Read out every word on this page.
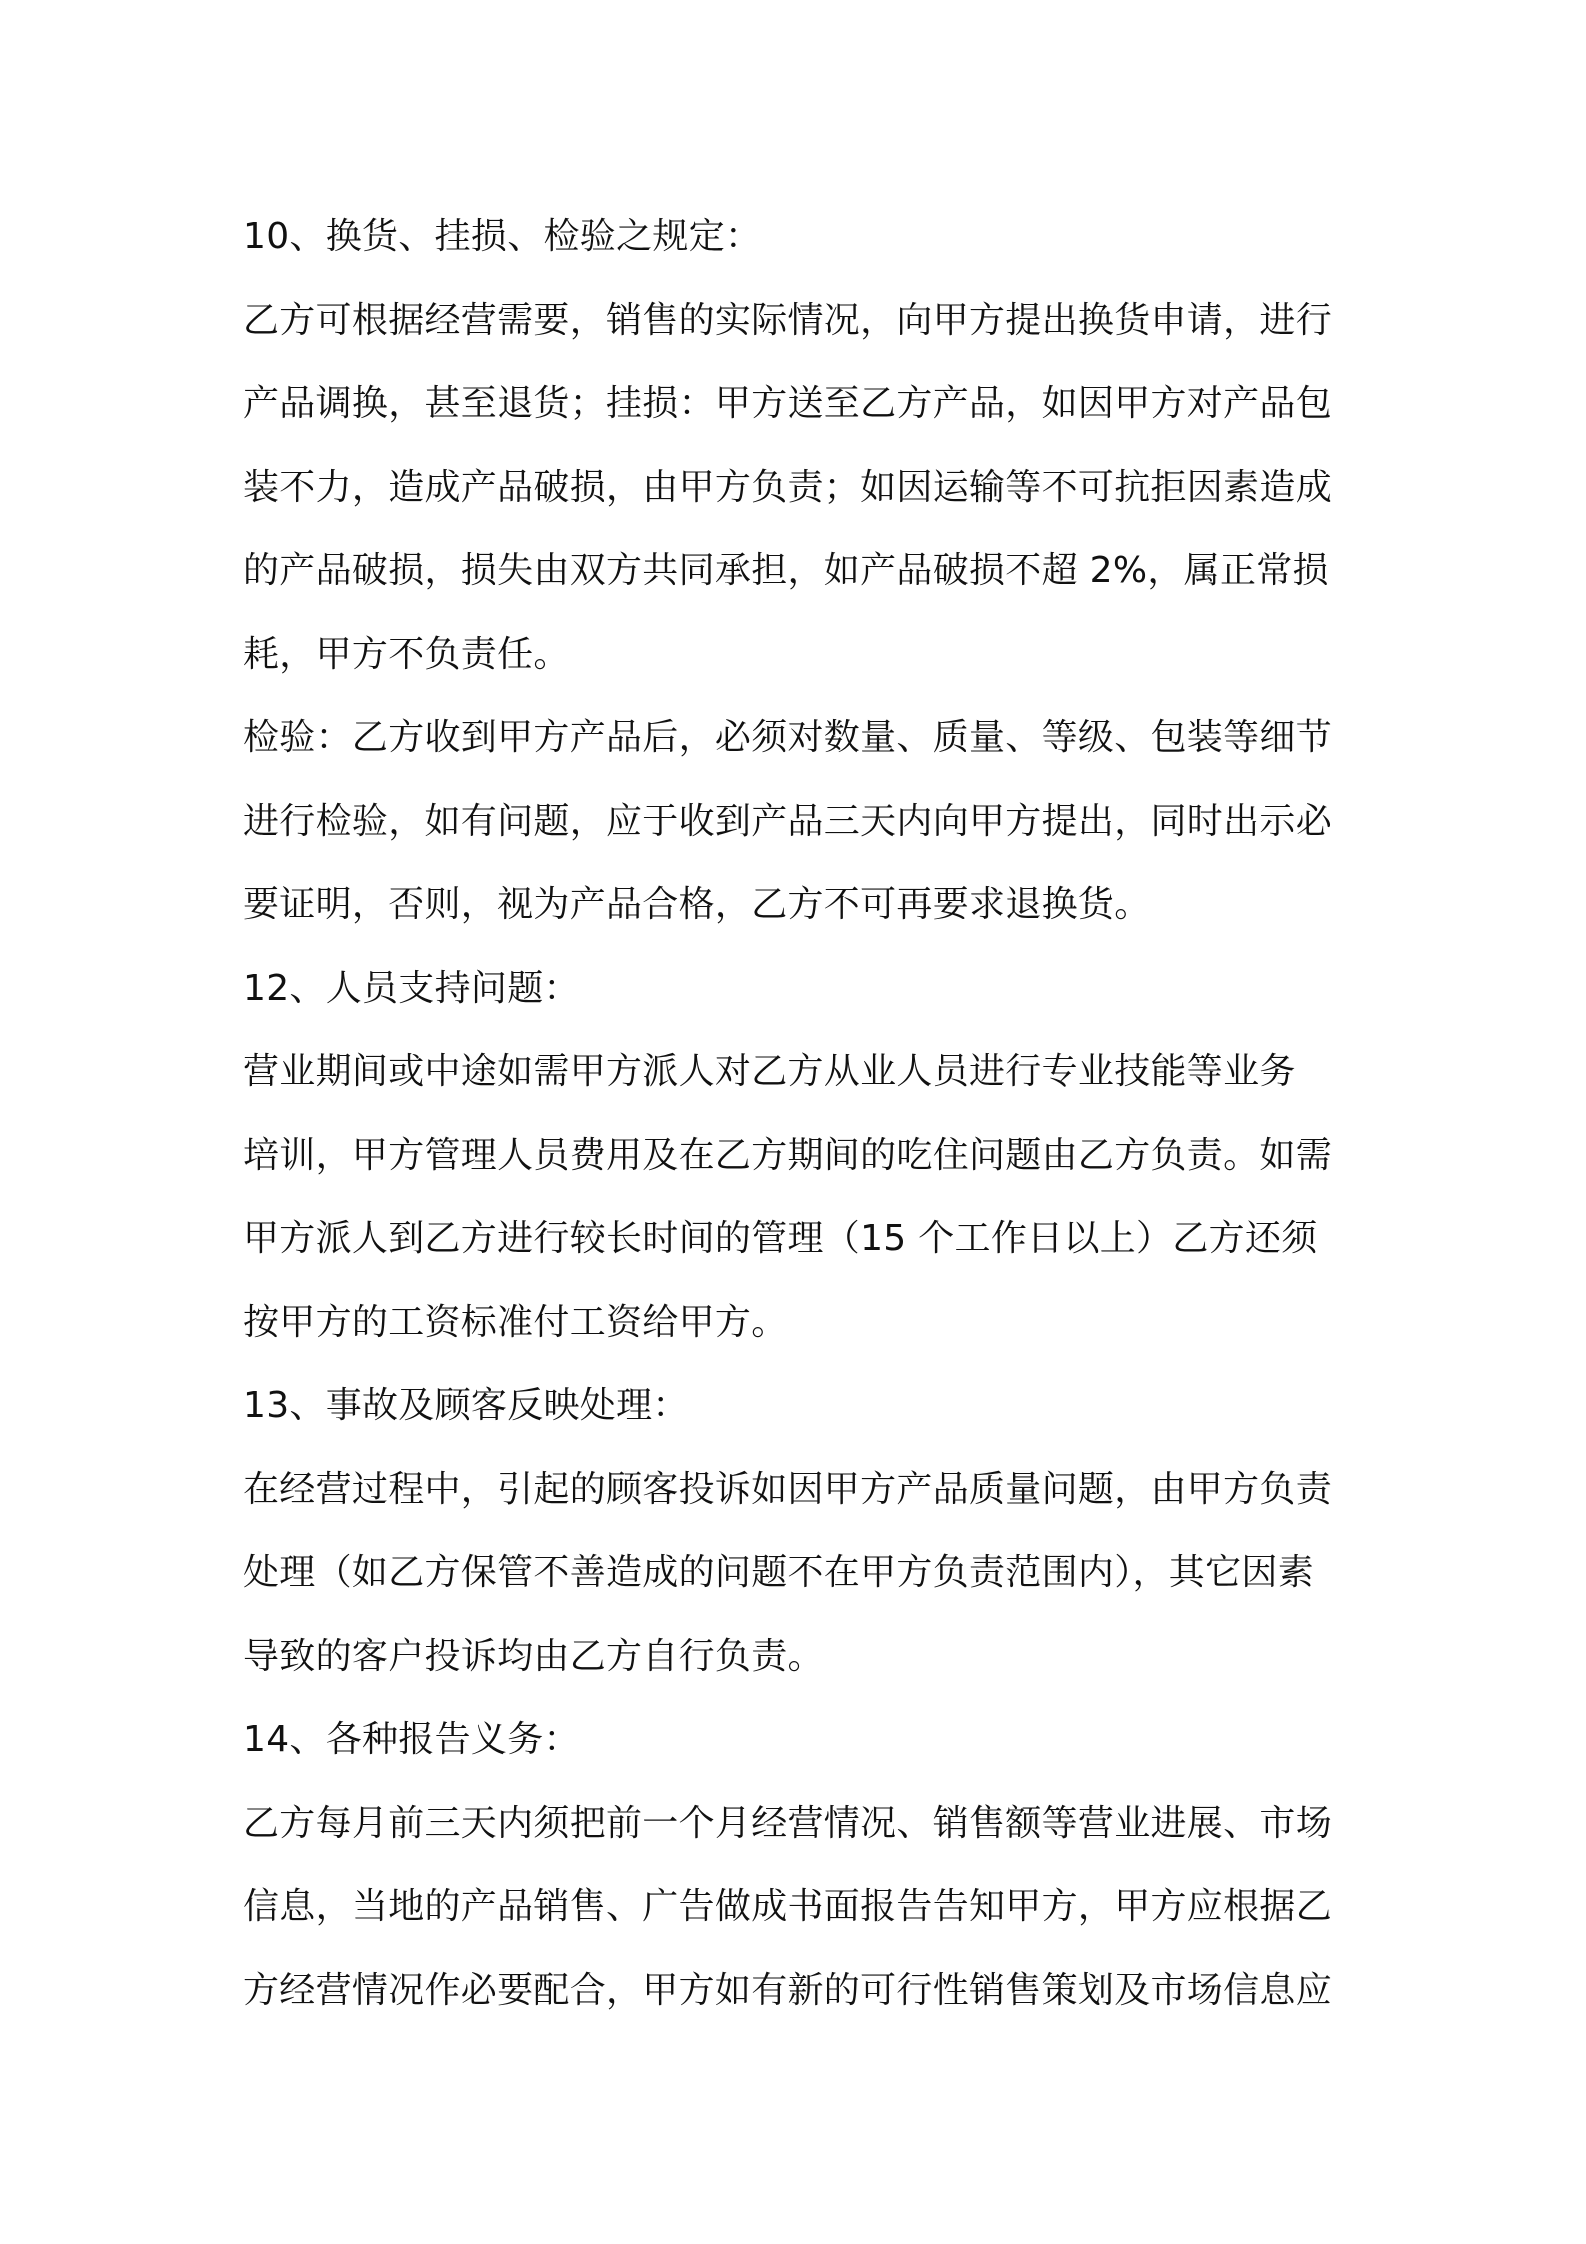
10、换货、挂损、检验之规定：

乙方可根据经营需要，销售的实际情况，向甲方提出换货申请，进行
产品调换，甚至退货；挂损：甲方送至乙方产品，如因甲方对产品包
装不力，造成产品破损，由甲方负责；如因运输等不可抗拒因素造成
的产品破损，损失由双方共同承担，如产品破损不超 2%，属正常损
耗，甲方不负责任。

检验：乙方收到甲方产品后，必须对数量、质量、等级、包装等细节
进行检验，如有问题，应于收到产品三天内向甲方提出，同时出示必
要证明，否则，视为产品合格，乙方不可再要求退换货。

12、人员支持问题：

营业期间或中途如需甲方派人对乙方从业人员进行专业技能等业务
培训，甲方管理人员费用及在乙方期间的吃住问题由乙方负责。如需
甲方派人到乙方进行较长时间的管理（15 个工作日以上）乙方还须
按甲方的工资标准付工资给甲方。

13、事故及顾客反映处理：

在经营过程中，引起的顾客投诉如因甲方产品质量问题，由甲方负责
处理（如乙方保管不善造成的问题不在甲方负责范围内），其它因素
导致的客户投诉均由乙方自行负责。

14、各种报告义务：

乙方每月前三天内须把前一个月经营情况、销售额等营业进展、市场
信息，当地的产品销售、广告做成书面报告告知甲方，甲方应根据乙
方经营情况作必要配合，甲方如有新的可行性销售策划及市场信息应
